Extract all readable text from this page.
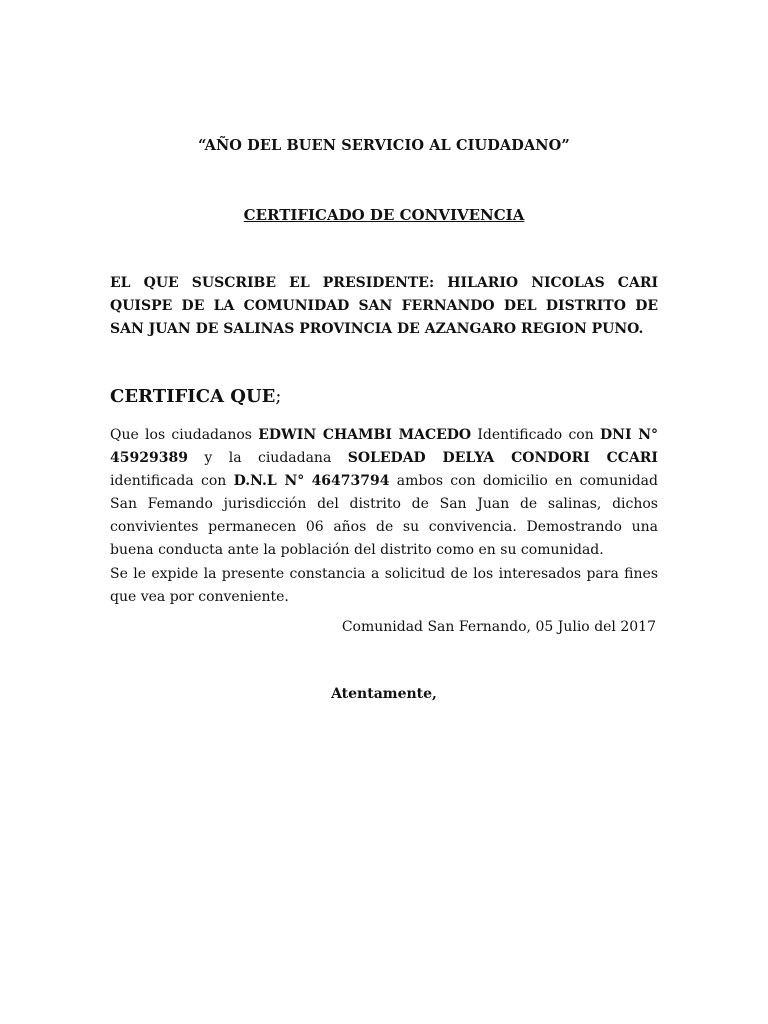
“AÑO DEL BUEN SERVICIO AL CIUDADANO”
CERTIFICADO DE CONVIVENCIA
EL QUE SUSCRIBE EL PRESIDENTE: HILARIO NICOLAS CARI QUISPE DE LA COMUNIDAD SAN FERNANDO DEL DISTRITO DE SAN JUAN DE SALINAS PROVINCIA DE AZANGARO REGION PUNO.
CERTIFICA QUE;
Que los ciudadanos EDWIN CHAMBI MACEDO Identificado con DNI N° 45929389 y la ciudadana SOLEDAD DELYA CONDORI CCARI identificada con D.N.L N° 46473794 ambos con domicilio en comunidad San Femando jurisdicción del distrito de San Juan de salinas, dichos convivientes permanecen 06 años de su convivencia. Demostrando una buena conducta ante la población del distrito como en su comunidad.
Se le expide la presente constancia a solicitud de los interesados para fines que vea por conveniente.
Comunidad San Fernando, 05 Julio del 2017
Atentamente,
